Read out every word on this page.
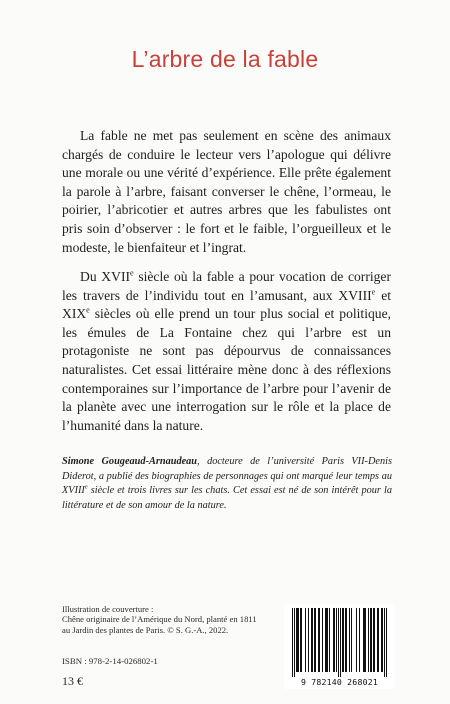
L’arbre de la fable

La fable ne met pas seulement en scène des animaux chargés de conduire le lecteur vers l’apologue qui délivre une morale ou une vérité d’expérience. Elle prête également la parole à l’arbre, faisant converser le chêne, l’ormeau, le poirier, l’abricotier et autres arbres que les fabulistes ont pris soin d’observer : le fort et le faible, l’orgueilleux et le modeste, le bienfaiteur et l’ingrat.

Du XVIIe siècle où la fable a pour vocation de corriger les travers de l’individu tout en l’amusant, aux XVIIIe et XIXe siècles où elle prend un tour plus social et politique, les émules de La Fontaine chez qui l’arbre est un protagoniste ne sont pas dépourvus de connaissances naturalistes. Cet essai littéraire mène donc à des réflexions contemporaines sur l’importance de l’arbre pour l’avenir de la planète avec une interrogation sur le rôle et la place de l’humanité dans la nature.

Simone Gougeaud-Arnaudeau, docteure de l’université Paris VII-Denis Diderot, a publié des biographies de personnages qui ont marqué leur temps au XVIIIe siècle et trois livres sur les chats. Cet essai est né de son intérêt pour la littérature et de son amour de la nature.
Illustration de couverture :
Chêne originaire de l’Amérique du Nord, planté en 1811
au Jardin des plantes de Paris. © S. G.-A., 2022.
ISBN : 978-2-14-026802-1
13 €	9 782140 268021
